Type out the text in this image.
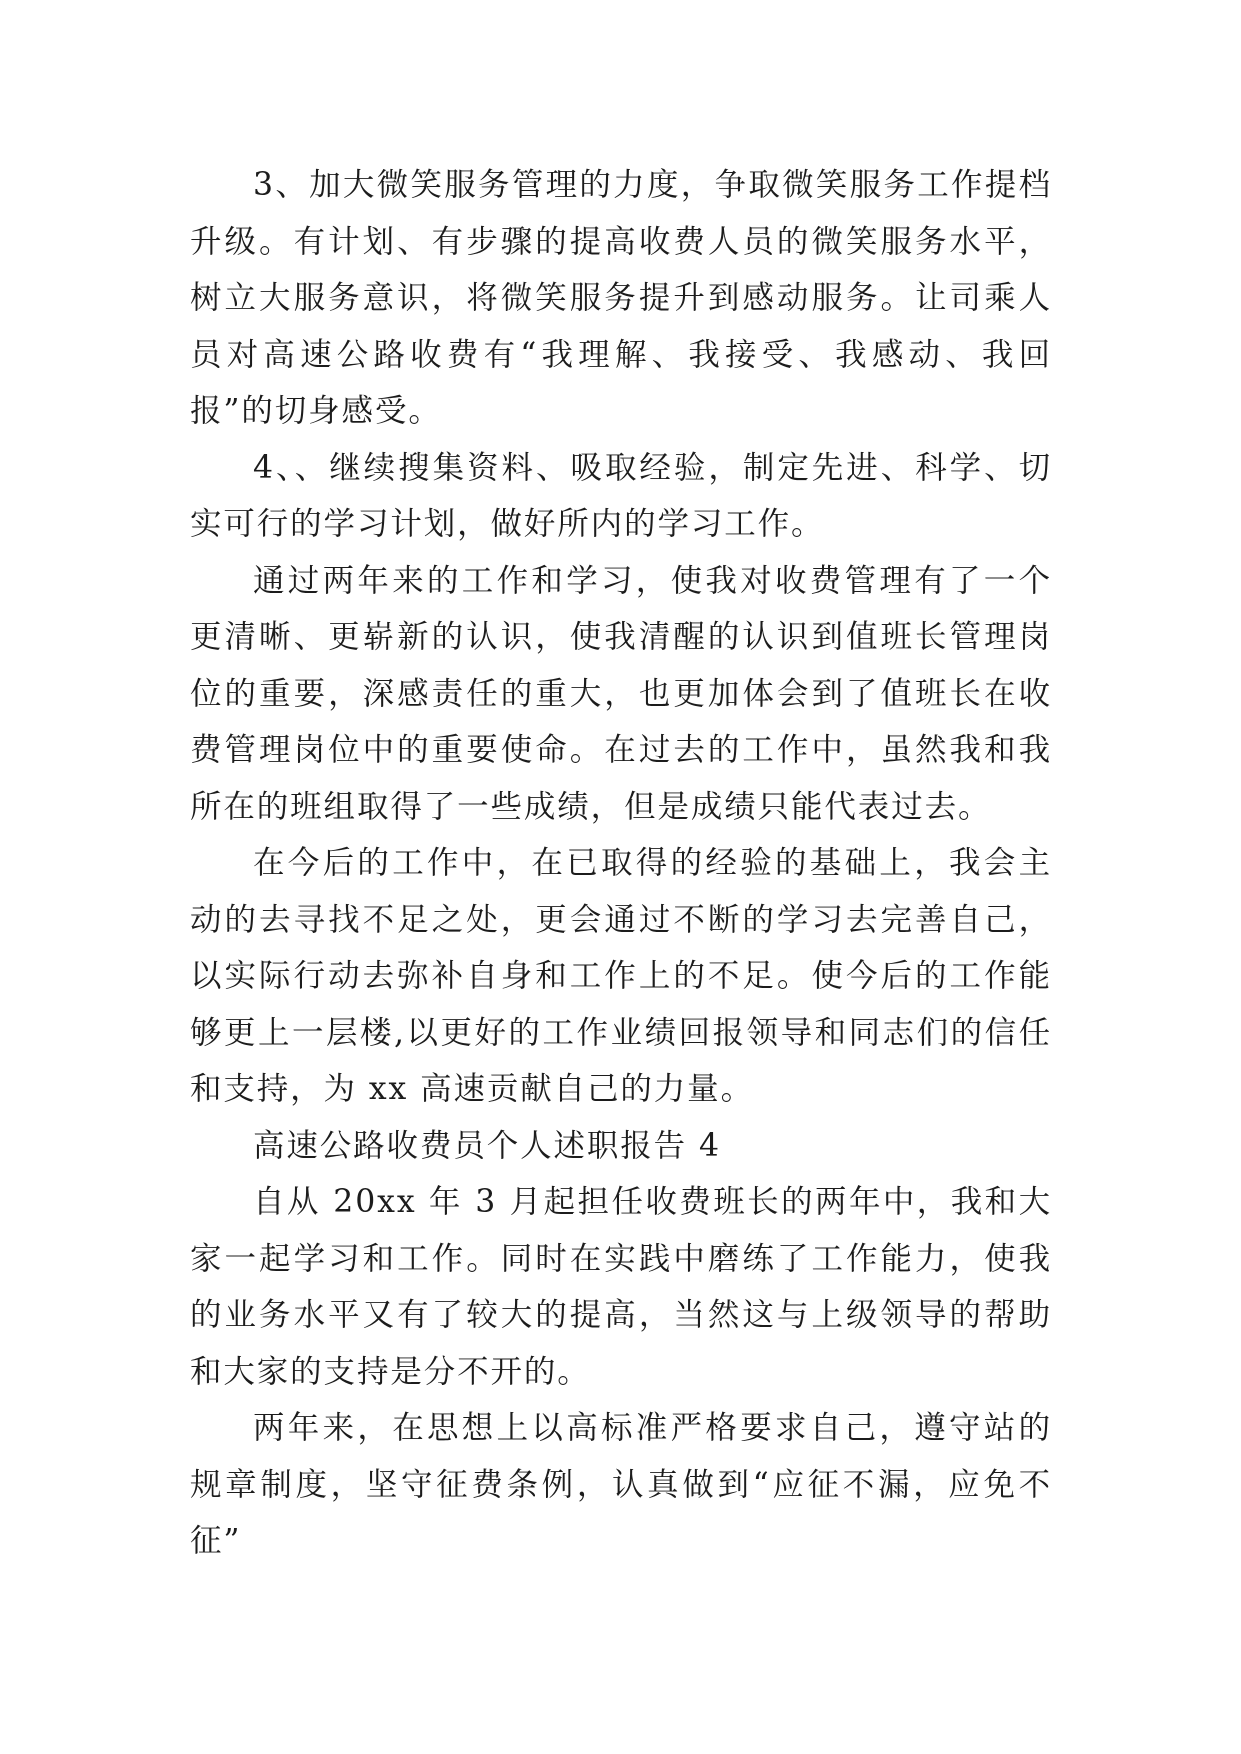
3、加大微笑服务管理的力度，争取微笑服务工作提档升级。有计划、有步骤的提高收费人员的微笑服务水平，树立大服务意识，将微笑服务提升到感动服务。让司乘人员对高速公路收费有“我理解、我接受、我感动、我回报”的切身感受。

4、、继续搜集资料、吸取经验，制定先进、科学、切实可行的学习计划，做好所内的学习工作。

通过两年来的工作和学习，使我对收费管理有了一个更清晰、更崭新的认识，使我清醒的认识到值班长管理岗位的重要，深感责任的重大，也更加体会到了值班长在收费管理岗位中的重要使命。在过去的工作中，虽然我和我所在的班组取得了一些成绩，但是成绩只能代表过去。

在今后的工作中，在已取得的经验的基础上，我会主动的去寻找不足之处，更会通过不断的学习去完善自己，以实际行动去弥补自身和工作上的不足。使今后的工作能够更上一层楼,以更好的工作业绩回报领导和同志们的信任和支持，为 xx 高速贡献自己的力量。

高速公路收费员个人述职报告 4

自从 20xx 年 3 月起担任收费班长的两年中，我和大家一起学习和工作。同时在实践中磨练了工作能力，使我的业务水平又有了较大的提高，当然这与上级领导的帮助和大家的支持是分不开的。

两年来，在思想上以高标准严格要求自己，遵守站的规章制度，坚守征费条例，认真做到“应征不漏，应免不征”
